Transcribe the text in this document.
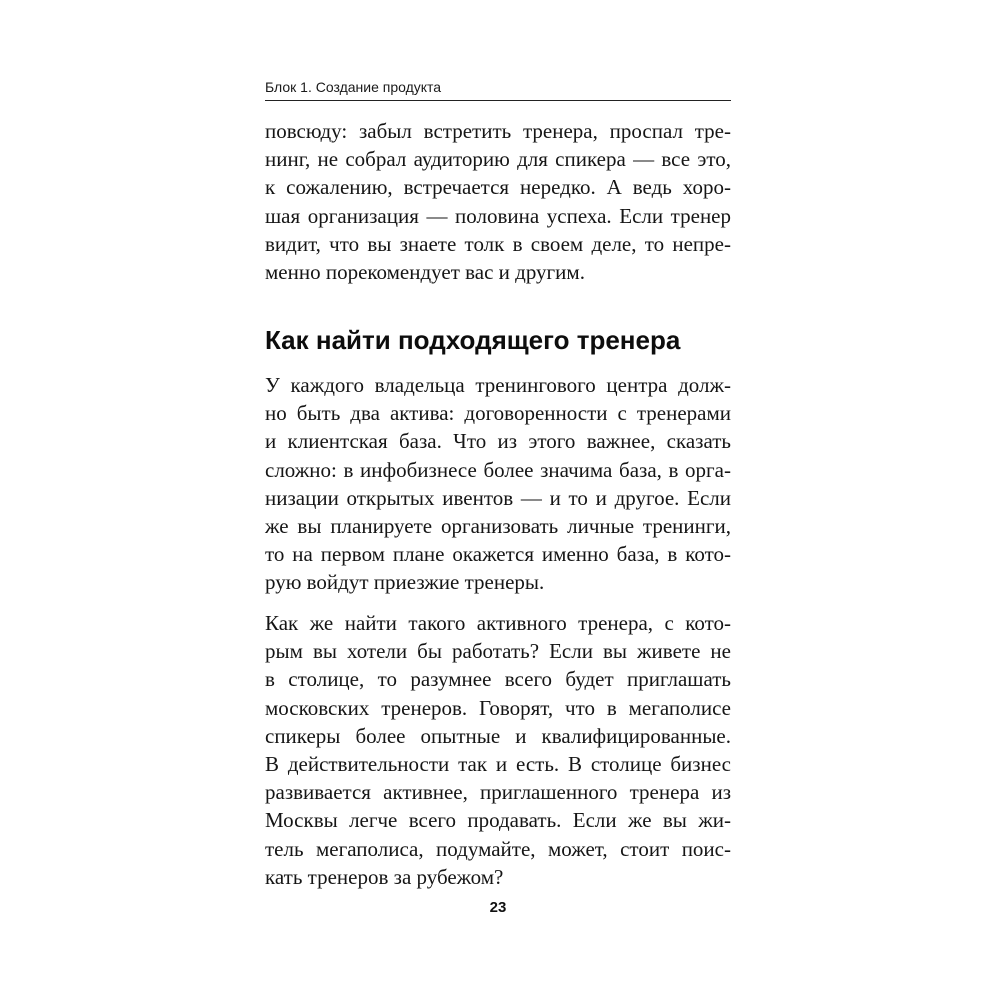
Блок 1. Создание продукта
повсюду: забыл встретить тренера, проспал тре-
нинг, не собрал аудиторию для спикера — все это,
к сожалению, встречается нередко. А ведь хоро-
шая организация — половина успеха. Если тренер
видит, что вы знаете толк в своем деле, то непре-
менно порекомендует вас и другим.
Как найти подходящего тренера
У каждого владельца тренингового центра долж-
но быть два актива: договоренности с тренерами
и клиентская база. Что из этого важнее, сказать
сложно: в инфобизнесе более значима база, в орга-
низации открытых ивентов — и то и другое. Если
же вы планируете организовать личные тренинги,
то на первом плане окажется именно база, в кото-
рую войдут приезжие тренеры.
Как же найти такого активного тренера, с кото-
рым вы хотели бы работать? Если вы живете не
в столице, то разумнее всего будет приглашать
московских тренеров. Говорят, что в мегаполисе
спикеры более опытные и квалифицированные.
В действительности так и есть. В столице бизнес
развивается активнее, приглашенного тренера из
Москвы легче всего продавать. Если же вы жи-
тель мегаполиса, подумайте, может, стоит поис-
кать тренеров за рубежом?
23
